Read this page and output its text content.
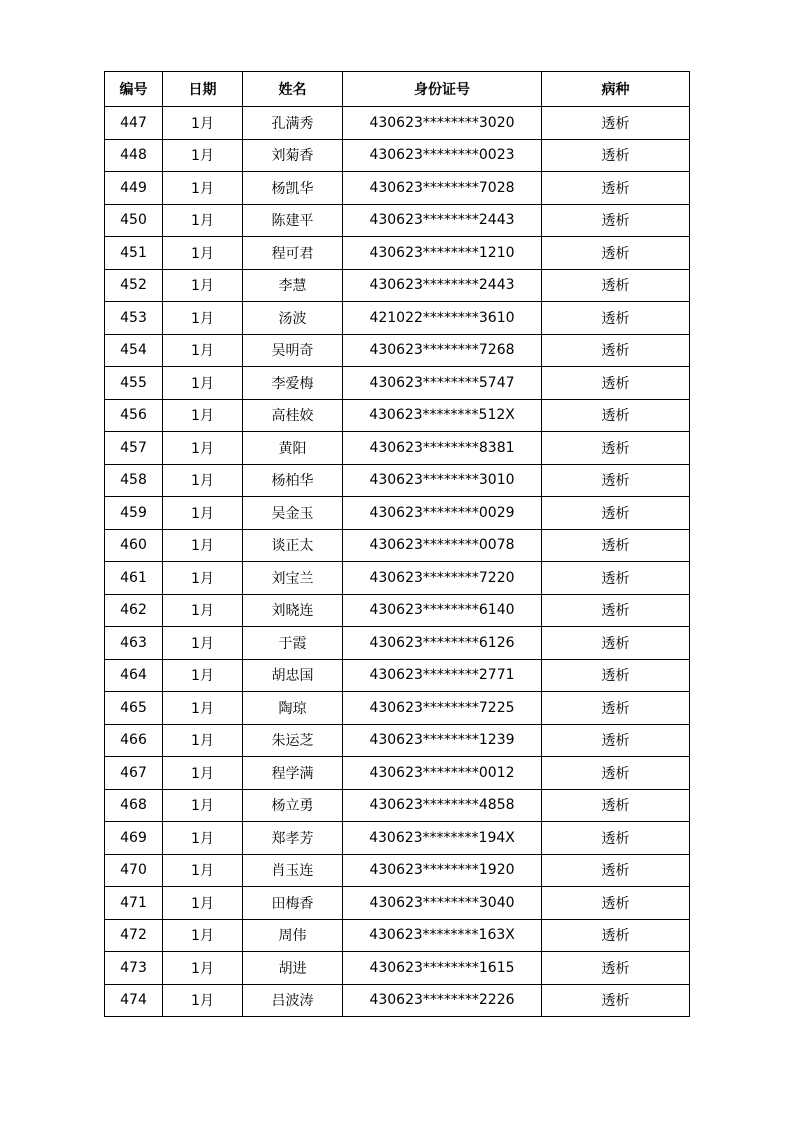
编号	日期	姓名	身份证号	病种
447	1月	孔满秀	430623********3020	透析
448	1月	刘菊香	430623********0023	透析
449	1月	杨凯华	430623********7028	透析
450	1月	陈建平	430623********2443	透析
451	1月	程可君	430623********1210	透析
452	1月	李慧	430623********2443	透析
453	1月	汤波	421022********3610	透析
454	1月	吴明奇	430623********7268	透析
455	1月	李爱梅	430623********5747	透析
456	1月	高桂姣	430623********512X	透析
457	1月	黄阳	430623********8381	透析
458	1月	杨柏华	430623********3010	透析
459	1月	吴金玉	430623********0029	透析
460	1月	谈正太	430623********0078	透析
461	1月	刘宝兰	430623********7220	透析
462	1月	刘晓连	430623********6140	透析
463	1月	于霞	430623********6126	透析
464	1月	胡忠国	430623********2771	透析
465	1月	陶琼	430623********7225	透析
466	1月	朱运芝	430623********1239	透析
467	1月	程学满	430623********0012	透析
468	1月	杨立勇	430623********4858	透析
469	1月	郑孝芳	430623********194X	透析
470	1月	肖玉连	430623********1920	透析
471	1月	田梅香	430623********3040	透析
472	1月	周伟	430623********163X	透析
473	1月	胡进	430623********1615	透析
474	1月	吕波涛	430623********2226	透析
